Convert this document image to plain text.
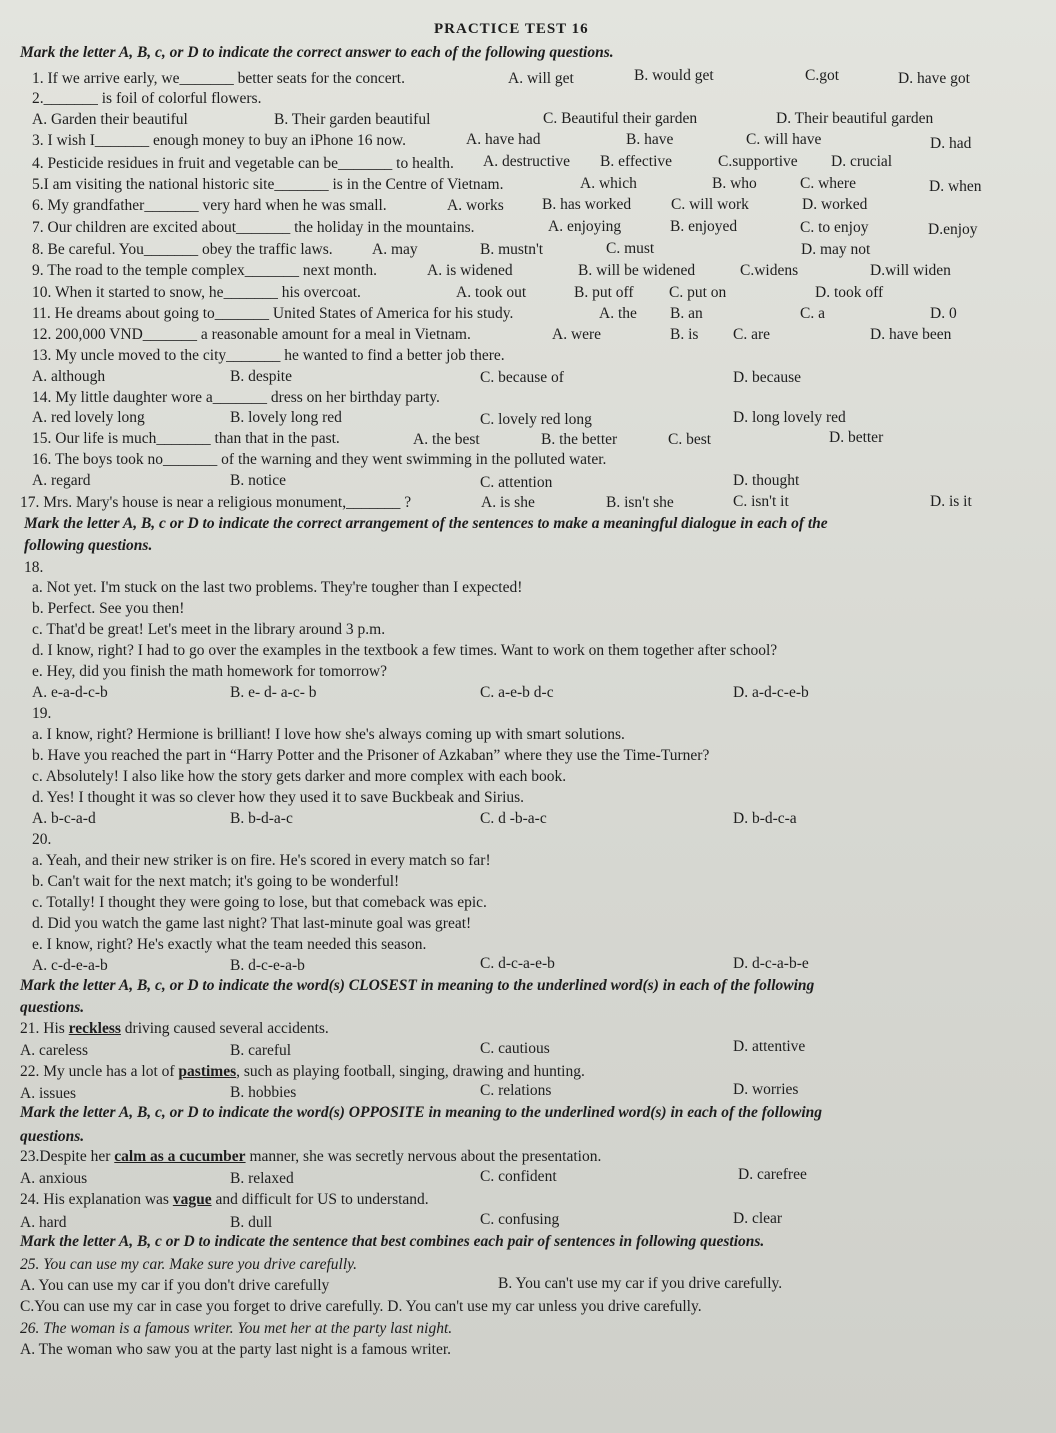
PRACTICE TEST 16
Mark the letter A, B, c, or D to indicate the correct answer to each of the following questions.
1. If we arrive early, we_______ better seats for the concert.	A. will get	B. would get	C.got	D. have got
2._______ is foil of colorful flowers.
A. Garden their beautiful	B. Their garden beautiful	C. Beautiful their garden	D. Their beautiful garden
3. I wish I_______ enough money to buy an iPhone 16 now.	A. have had	B. have	C. will have	D. had
4. Pesticide residues in fruit and vegetable can be_______ to health. A. destructive B. effective	C.supportive D. crucial
5.I am visiting the national historic site_______ is in the Centre of Vietnam.	A. which	B. who	C. where	D. when
6. My grandfather_______ very hard when he was small.	A. works B. has worked	C. will work	D. worked
7. Our children are excited about_______ the holiday in the mountains.	A. enjoying	B. enjoyed	C. to enjoy	D.enjoy
8. Be careful. You_______ obey the traffic laws.	A. may	B. mustn't	C. must	D. may not
9. The road to the temple complex_______ next month.	A. is widened	B. will be widened	C.widens	D.will widen
10. When it started to snow, he_______ his overcoat.	A. took out	B. put off C. put on	D. took off
11. He dreams about going to_______ United States of America for his study.	A. the B. an	C. a	D. 0
12. 200,000 VND_______ a reasonable amount for a meal in Vietnam.	A. were	B. is C. are	D. have been
13. My uncle moved to the city_______ he wanted to find a better job there.
A. although	B. despite	C. because of	D. because
14. My little daughter wore a_______ dress on her birthday party.
A. red lovely long	B. lovely long red	C. lovely red long	D. long lovely red
15. Our life is much_______ than that in the past.	A. the best	B. the better	C. best	D. better
16. The boys took no_______ of the warning and they went swimming in the polluted water.
A. regard	B. notice	C. attention	D. thought
17. Mrs. Mary's house is near a religious monument,_______ ?	A. is she	B. isn't she	C. isn't it	D. is it
Mark the letter A, B, c or D to indicate the correct arrangement of the sentences to make a meaningful dialogue in each of the
following questions.
18.
a. Not yet. I'm stuck on the last two problems. They're tougher than I expected!
b. Perfect. See you then!
c. That'd be great! Let's meet in the library around 3 p.m.
d. I know, right? I had to go over the examples in the textbook a few times. Want to work on them together after school?
e. Hey, did you finish the math homework for tomorrow?
A. e-a-d-c-b	B. e- d- a-c- b	C. a-e-b d-c	D. a-d-c-e-b
19.
a. I know, right? Hermione is brilliant! I love how she's always coming up with smart solutions.
b. Have you reached the part in “Harry Potter and the Prisoner of Azkaban” where they use the Time-Turner?
c. Absolutely! I also like how the story gets darker and more complex with each book.
d. Yes! I thought it was so clever how they used it to save Buckbeak and Sirius.
A. b-c-a-d	B. b-d-a-c	C. d -b-a-c	D. b-d-c-a
20.
a. Yeah, and their new striker is on fire. He's scored in every match so far!
b. Can't wait for the next match; it's going to be wonderful!
c. Totally! I thought they were going to lose, but that comeback was epic.
d. Did you watch the game last night? That last-minute goal was great!
e. I know, right? He's exactly what the team needed this season.
A. c-d-e-a-b	B. d-c-e-a-b	C. d-c-a-e-b	D. d-c-a-b-e
Mark the letter A, B, c, or D to indicate the word(s) CLOSEST in meaning to the underlined word(s) in each of the following
questions.
21. His reckless driving caused several accidents.
A. careless	B. careful	C. cautious	D. attentive
22. My uncle has a lot of pastimes, such as playing football, singing, drawing and hunting.
A. issues	B. hobbies	C. relations	D. worries
Mark the letter A, B, c, or D to indicate the word(s) OPPOSITE in meaning to the underlined word(s) in each of the following
questions.
23.Despite her calm as a cucumber manner, she was secretly nervous about the presentation.
A. anxious	B. relaxed	C. confident	D. carefree
24. His explanation was vague and difficult for US to understand.
A. hard	B. dull	C. confusing	D. clear
Mark the letter A, B, c or D to indicate the sentence that best combines each pair of sentences in following questions.
25. You can use my car. Make sure you drive carefully.
A. You can use my car if you don't drive carefully	B. You can't use my car if you drive carefully.
C.You can use my car in case you forget to drive carefully. D. You can't use my car unless you drive carefully.
26. The woman is a famous writer. You met her at the party last night.
A. The woman who saw you at the party last night is a famous writer.
